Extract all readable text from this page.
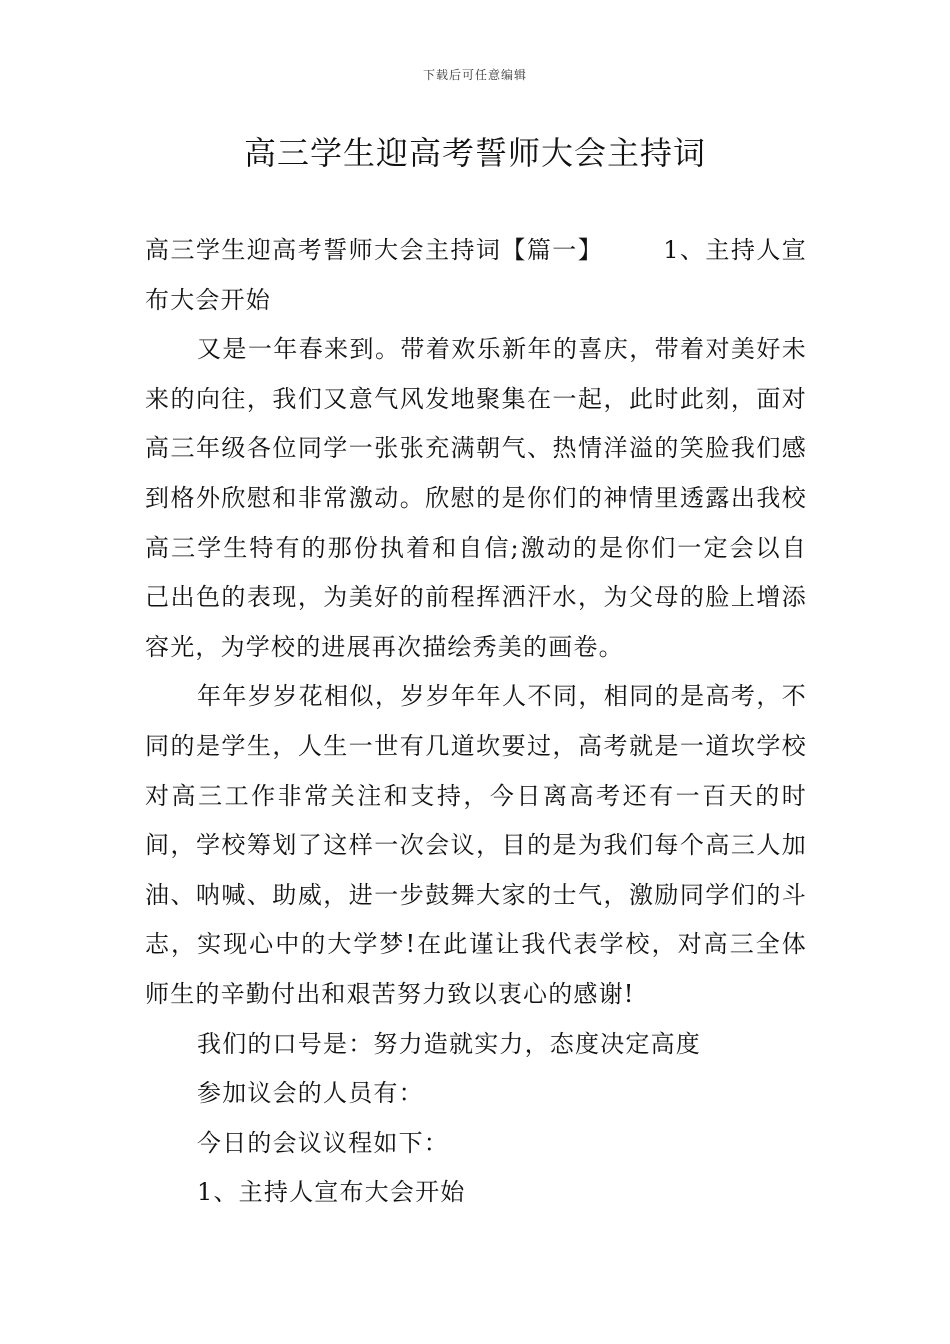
下载后可任意编辑
高三学生迎高考誓师大会主持词

高三学生迎高考誓师大会主持词【篇一】	1、主持人宣布大会开始

又是一年春来到。带着欢乐新年的喜庆，带着对美好未来的向往，我们又意气风发地聚集在一起，此时此刻，面对高三年级各位同学一张张充满朝气、热情洋溢的笑脸我们感到格外欣慰和非常激动。欣慰的是你们的神情里透露出我校高三学生特有的那份执着和自信;激动的是你们一定会以自己出色的表现，为美好的前程挥洒汗水，为父母的脸上增添容光，为学校的进展再次描绘秀美的画卷。

年年岁岁花相似，岁岁年年人不同，相同的是高考，不同的是学生，人生一世有几道坎要过，高考就是一道坎学校对高三工作非常关注和支持，今日离高考还有一百天的时间，学校筹划了这样一次会议，目的是为我们每个高三人加油、呐喊、助威，进一步鼓舞大家的士气，激励同学们的斗志，实现心中的大学梦!在此谨让我代表学校，对高三全体师生的辛勤付出和艰苦努力致以衷心的感谢!

我们的口号是：努力造就实力，态度决定高度

参加议会的人员有：

今日的会议议程如下：

1、主持人宣布大会开始
